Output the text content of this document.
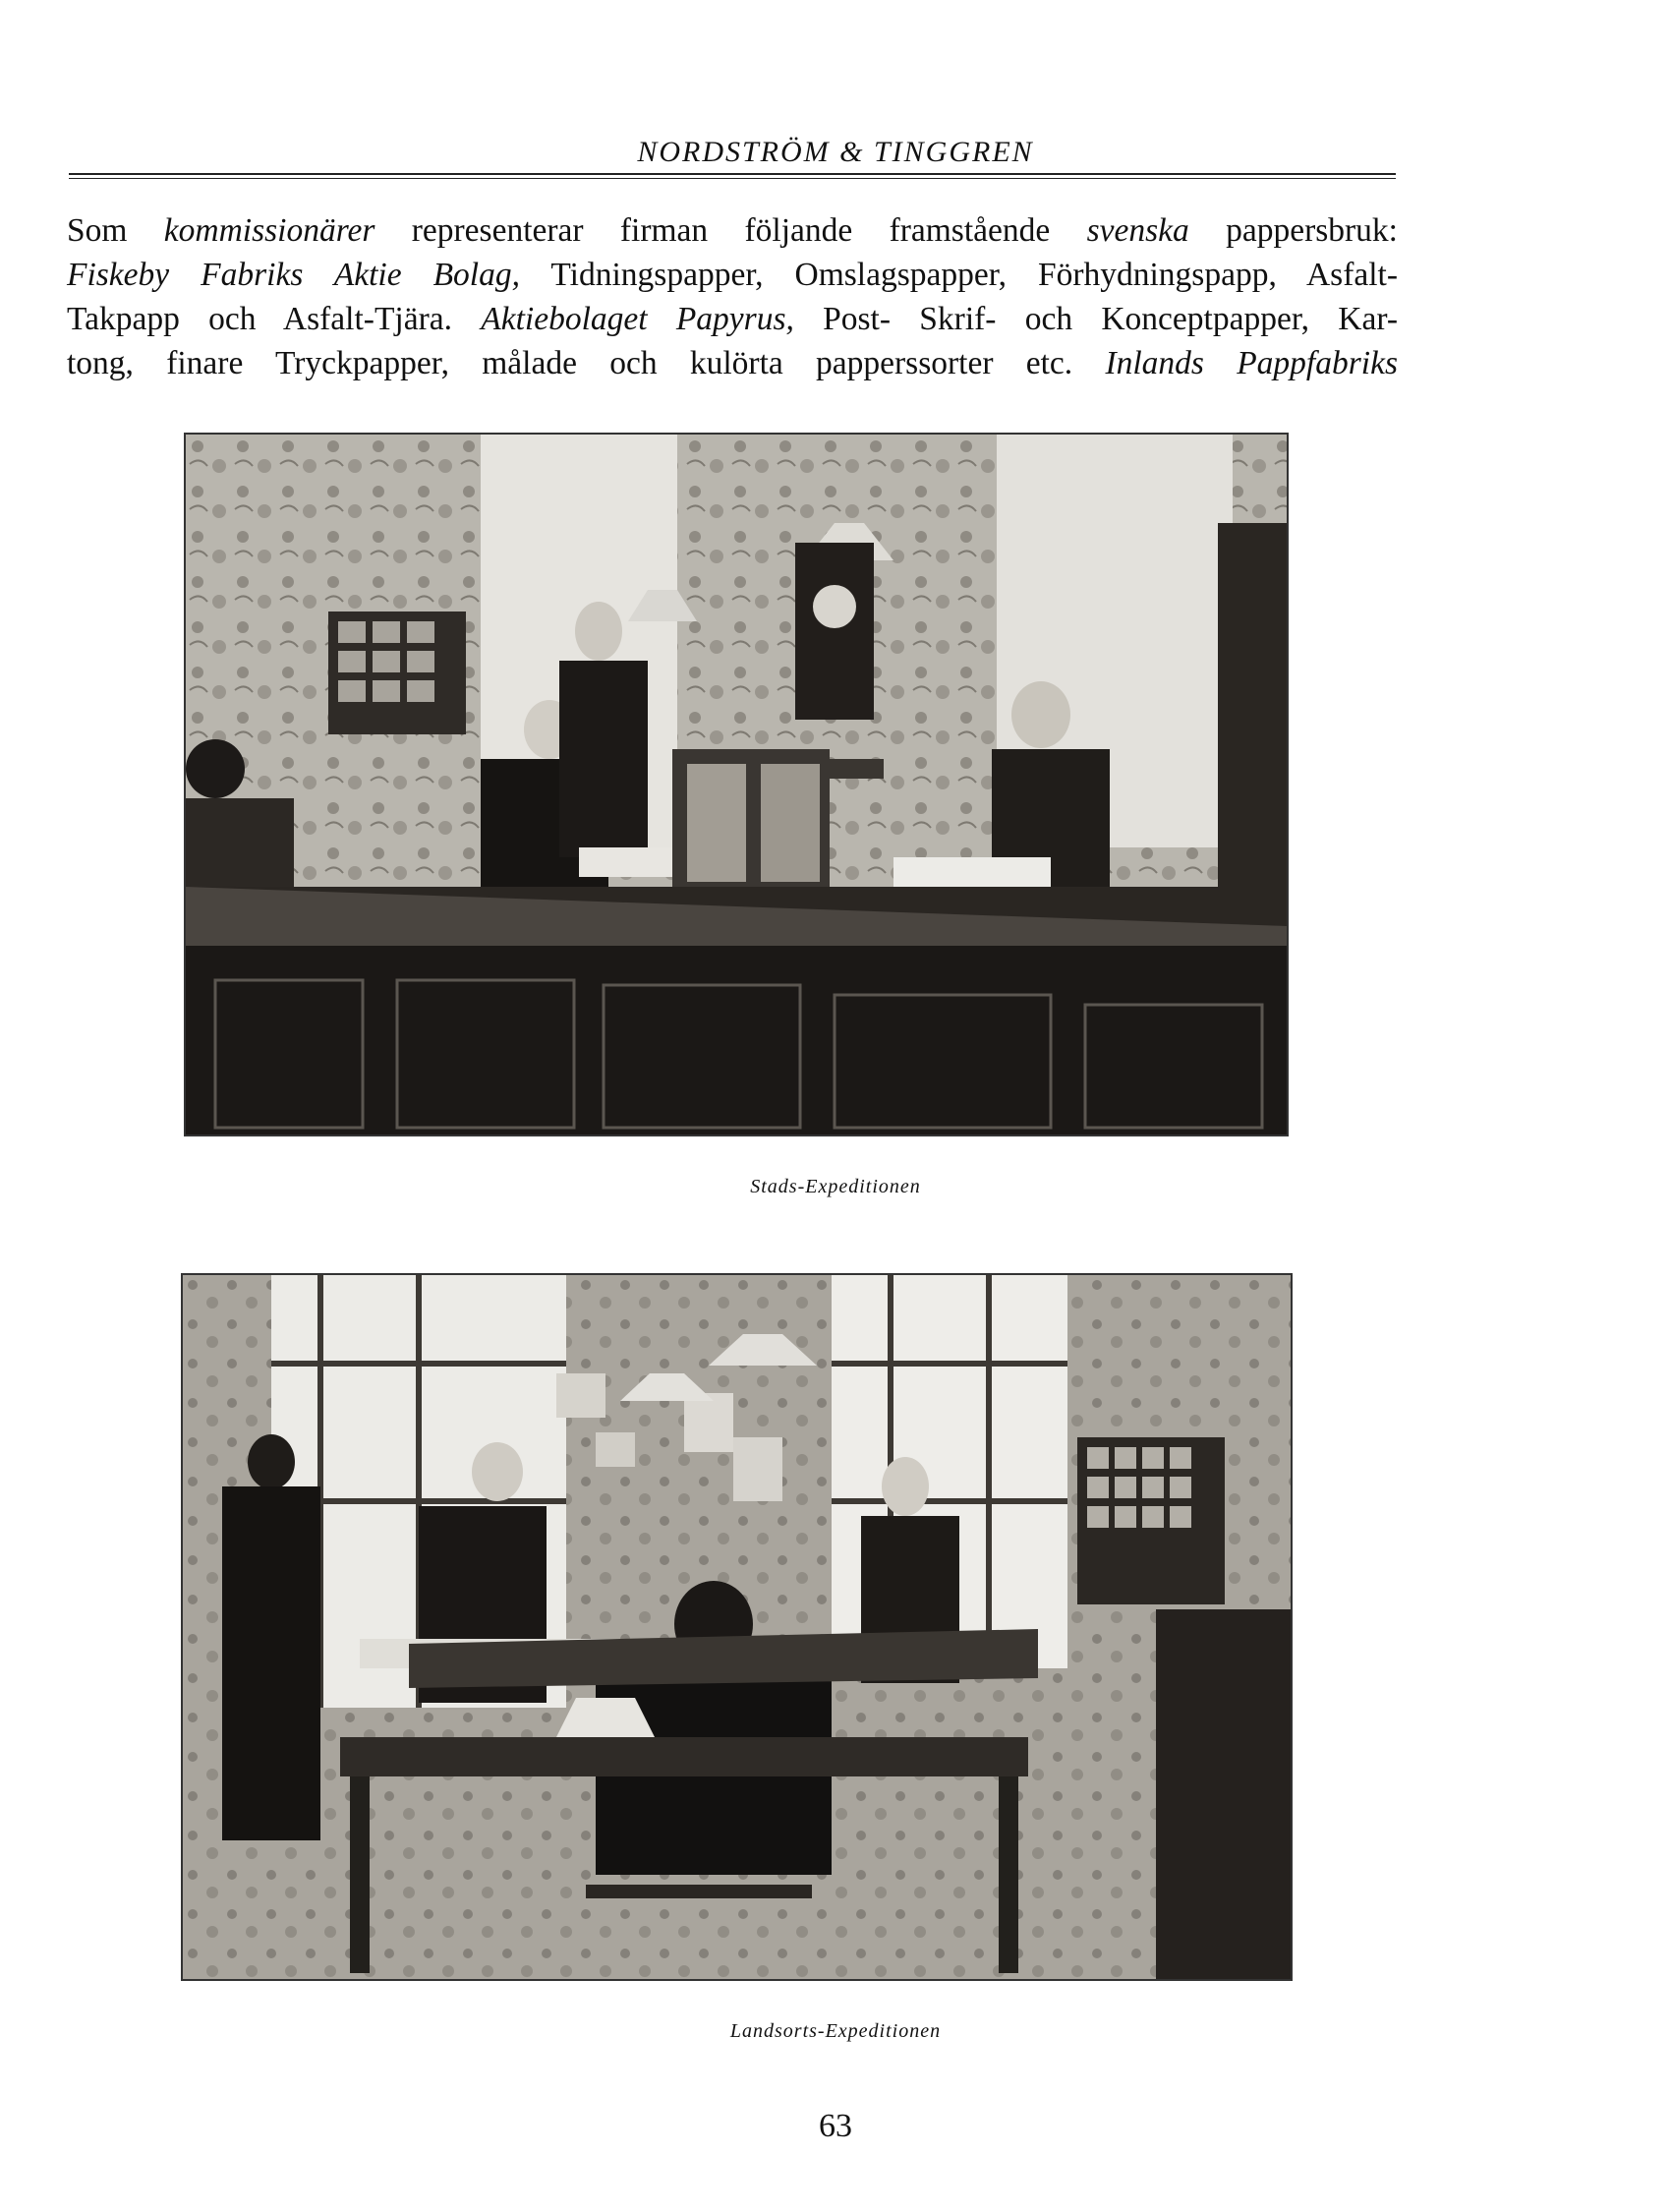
NORDSTRÖM & TINGGREN
Som kommissionärer representerar firman följande framstående svenska pappersbruk:
Fiskeby Fabriks Aktie Bolag, Tidningspapper, Omslagspapper, Förhydningspapp, Asfalt-
Takpapp och Asfalt-Tjära. Aktiebolaget Papyrus, Post- Skrif- och Konceptpapper, Kar-
tong, finare Tryckpapper, målade och kulörta papperssorter etc. Inlands Pappfabriks
Stads-Expeditionen
Landsorts-Expeditionen
63
